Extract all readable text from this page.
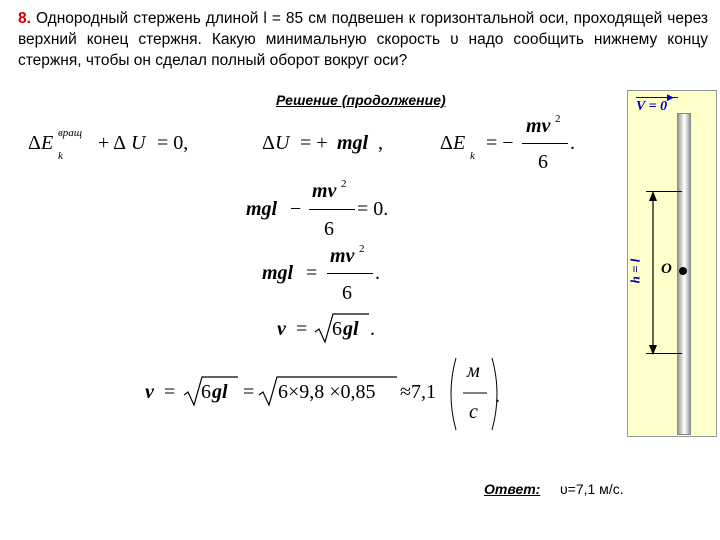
8. Однородный стержень длиной l = 85 см подвешен к горизонтальной оси, проходящей через верхний конец стержня. Какую минимальную скорость υ надо сообщить нижнему концу стержня, чтобы он сделал полный оборот вокруг оси?
Решение (продолжение)
Δ E вращ
k
+ Δ U = 0,	Δ U = + mgl ,	Δ E
k
= −
mv 2
6
.
mgl −
mv 2
6
= 0.
mgl =
mv 2
6
.
v = 6 gl .
v = 6 gl = 6×9,8 ×0,85 ≈7,1
м
с
.
▶
V = 0
h = l O
Ответ: υ=7,1 м/с.
